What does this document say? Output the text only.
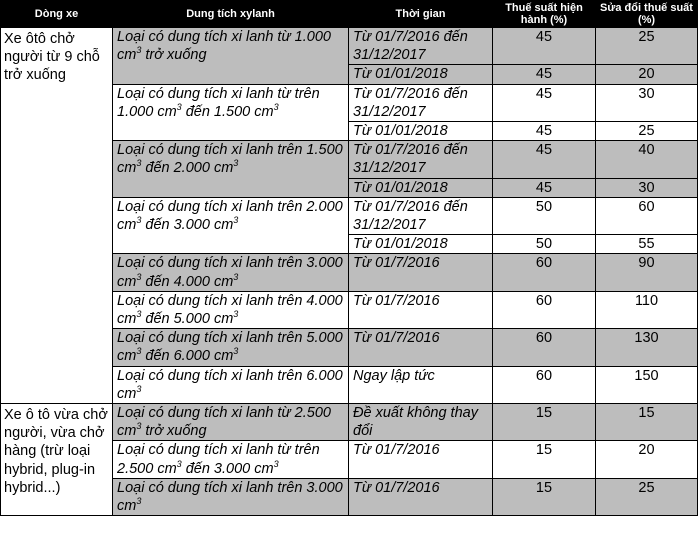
Dòng xe	Dung tích xylanh	Thời gian	Thuế suất hiện hành (%)	Sửa đổi thuế suất (%)
Xe ôtô chở người từ 9 chỗ trở xuống	Loại có dung tích xi lanh từ 1.000 $cm^3$ trở xuống	Từ 01/7/2016 đến 31/12/2017	45	25
		Từ 01/01/2018	45	20
	Loại có dung tích xi lanh từ trên 1.000 $cm^3$ đến 1.500 $cm^3$	Từ 01/7/2016 đến 31/12/2017	45	30
		Từ 01/01/2018	45	25
	Loại có dung tích xi lanh trên 1.500 $cm^3$ đến 2.000 $cm^3$	Từ 01/7/2016 đến 31/12/2017	45	40
		Từ 01/01/2018	45	30
	Loại có dung tích xi lanh trên 2.000 $cm^3$ đến 3.000 $cm^3$	Từ 01/7/2016 đến 31/12/2017	50	60
		Từ 01/01/2018	50	55
	Loại có dung tích xi lanh trên 3.000 $cm^3$ đến 4.000 $cm^3$	Từ 01/7/2016	60	90
	Loại có dung tích xi lanh trên 4.000 $cm^3$ đến 5.000 $cm^3$	Từ 01/7/2016	60	110
	Loại có dung tích xi lanh trên 5.000 $cm^3$ đến 6.000 $cm^3$	Từ 01/7/2016	60	130
	Loại có dung tích xi lanh trên 6.000 $cm^3$	Ngay lập tức	60	150
Xe ô tô vừa chở người, vừa chở hàng (trừ loại hybrid, plug-in hybrid...)	Loại có dung tích xi lanh từ 2.500 $cm^3$ trở xuống	Đề xuất không thay đổi	15	15
	Loại có dung tích xi lanh từ trên 2.500 $cm^3$ đến 3.000 $cm^3$	Từ 01/7/2016	15	20
	Loại có dung tích xi lanh trên 3.000 $cm^3$	Từ 01/7/2016	15	25
